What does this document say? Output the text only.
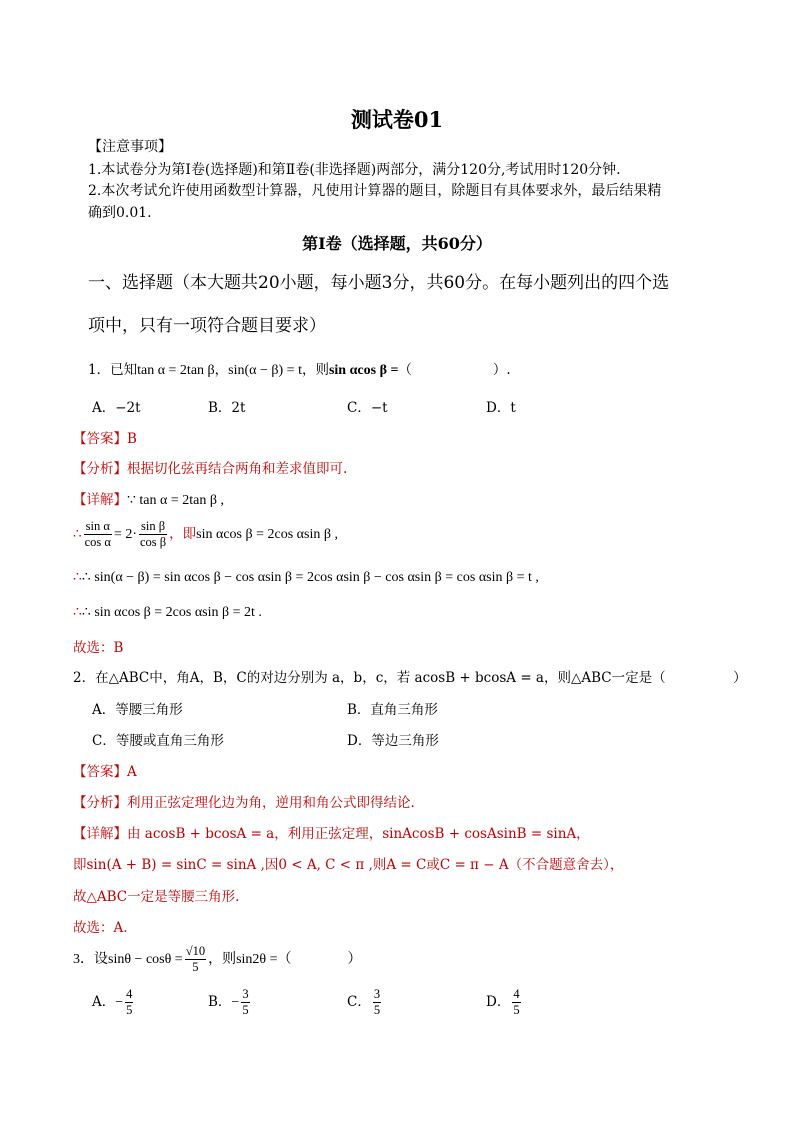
测试卷01
【注意事项】
1.本试卷分为第Ⅰ卷(选择题)和第Ⅱ卷(非选择题)两部分，满分120分,考试用时120分钟.
2.本次考试允许使用函数型计算器，凡使用计算器的题目，除题目有具体要求外，最后结果精
确到0.01.
第Ⅰ卷（选择题，共60分）
一、选择题（本大题共20小题，每小题3分，共60分。在每小题列出的四个选
项中，只有一项符合题目要求）
1．已知tan α = 2tan β，sin(α − β) = t，则sin αcos β =（　　　　　　）.
A．−2t	B．2t	C．−t	D．t
【答案】B
【分析】根据切化弦再结合两角和差求值即可.
【详解】∵ tan α = 2tan β ,
∴ $\frac{\text{sin α}}{\text{cos α}} = 2\cdot \frac{\text{sin β}}{\text{cos β}}$ ，即sin αcos β = 2cos αsin β ,
∴∴ sin(α − β) = sin αcos β − cos αsin β = 2cos αsin β − cos αsin β = cos αsin β = t ,
∴∴ sin αcos β = 2cos αsin β = 2t .
故选：B
2．在△ABC中，角A，B，C的对边分别为 a，b，c，若 acosB + bcosA = a，则△ABC一定是（　　　　　）
A．等腰三角形	B．直角三角形
C．等腰或直角三角形	D．等边三角形
【答案】A
【分析】利用正弦定理化边为角，逆用和角公式即得结论.
【详解】由 acosB + bcosA = a，利用正弦定理，sinAcosB + cosAsinB = sinA，
即sin(A + B) = sinC = sinA ,因0 < A, C < π ,则A = C或C = π − A（不合题意舍去），
故△ABC一定是等腰三角形.
故选：A.
3．设$\sin\theta - \cos\theta = \frac{√10}{5}$ ，则sin2θ =（　　　　）
A．− $\frac{4}{5}$	B．− $\frac{3}{5}$	C． $\frac{3}{5}$	D． $\frac{4}{5}$
